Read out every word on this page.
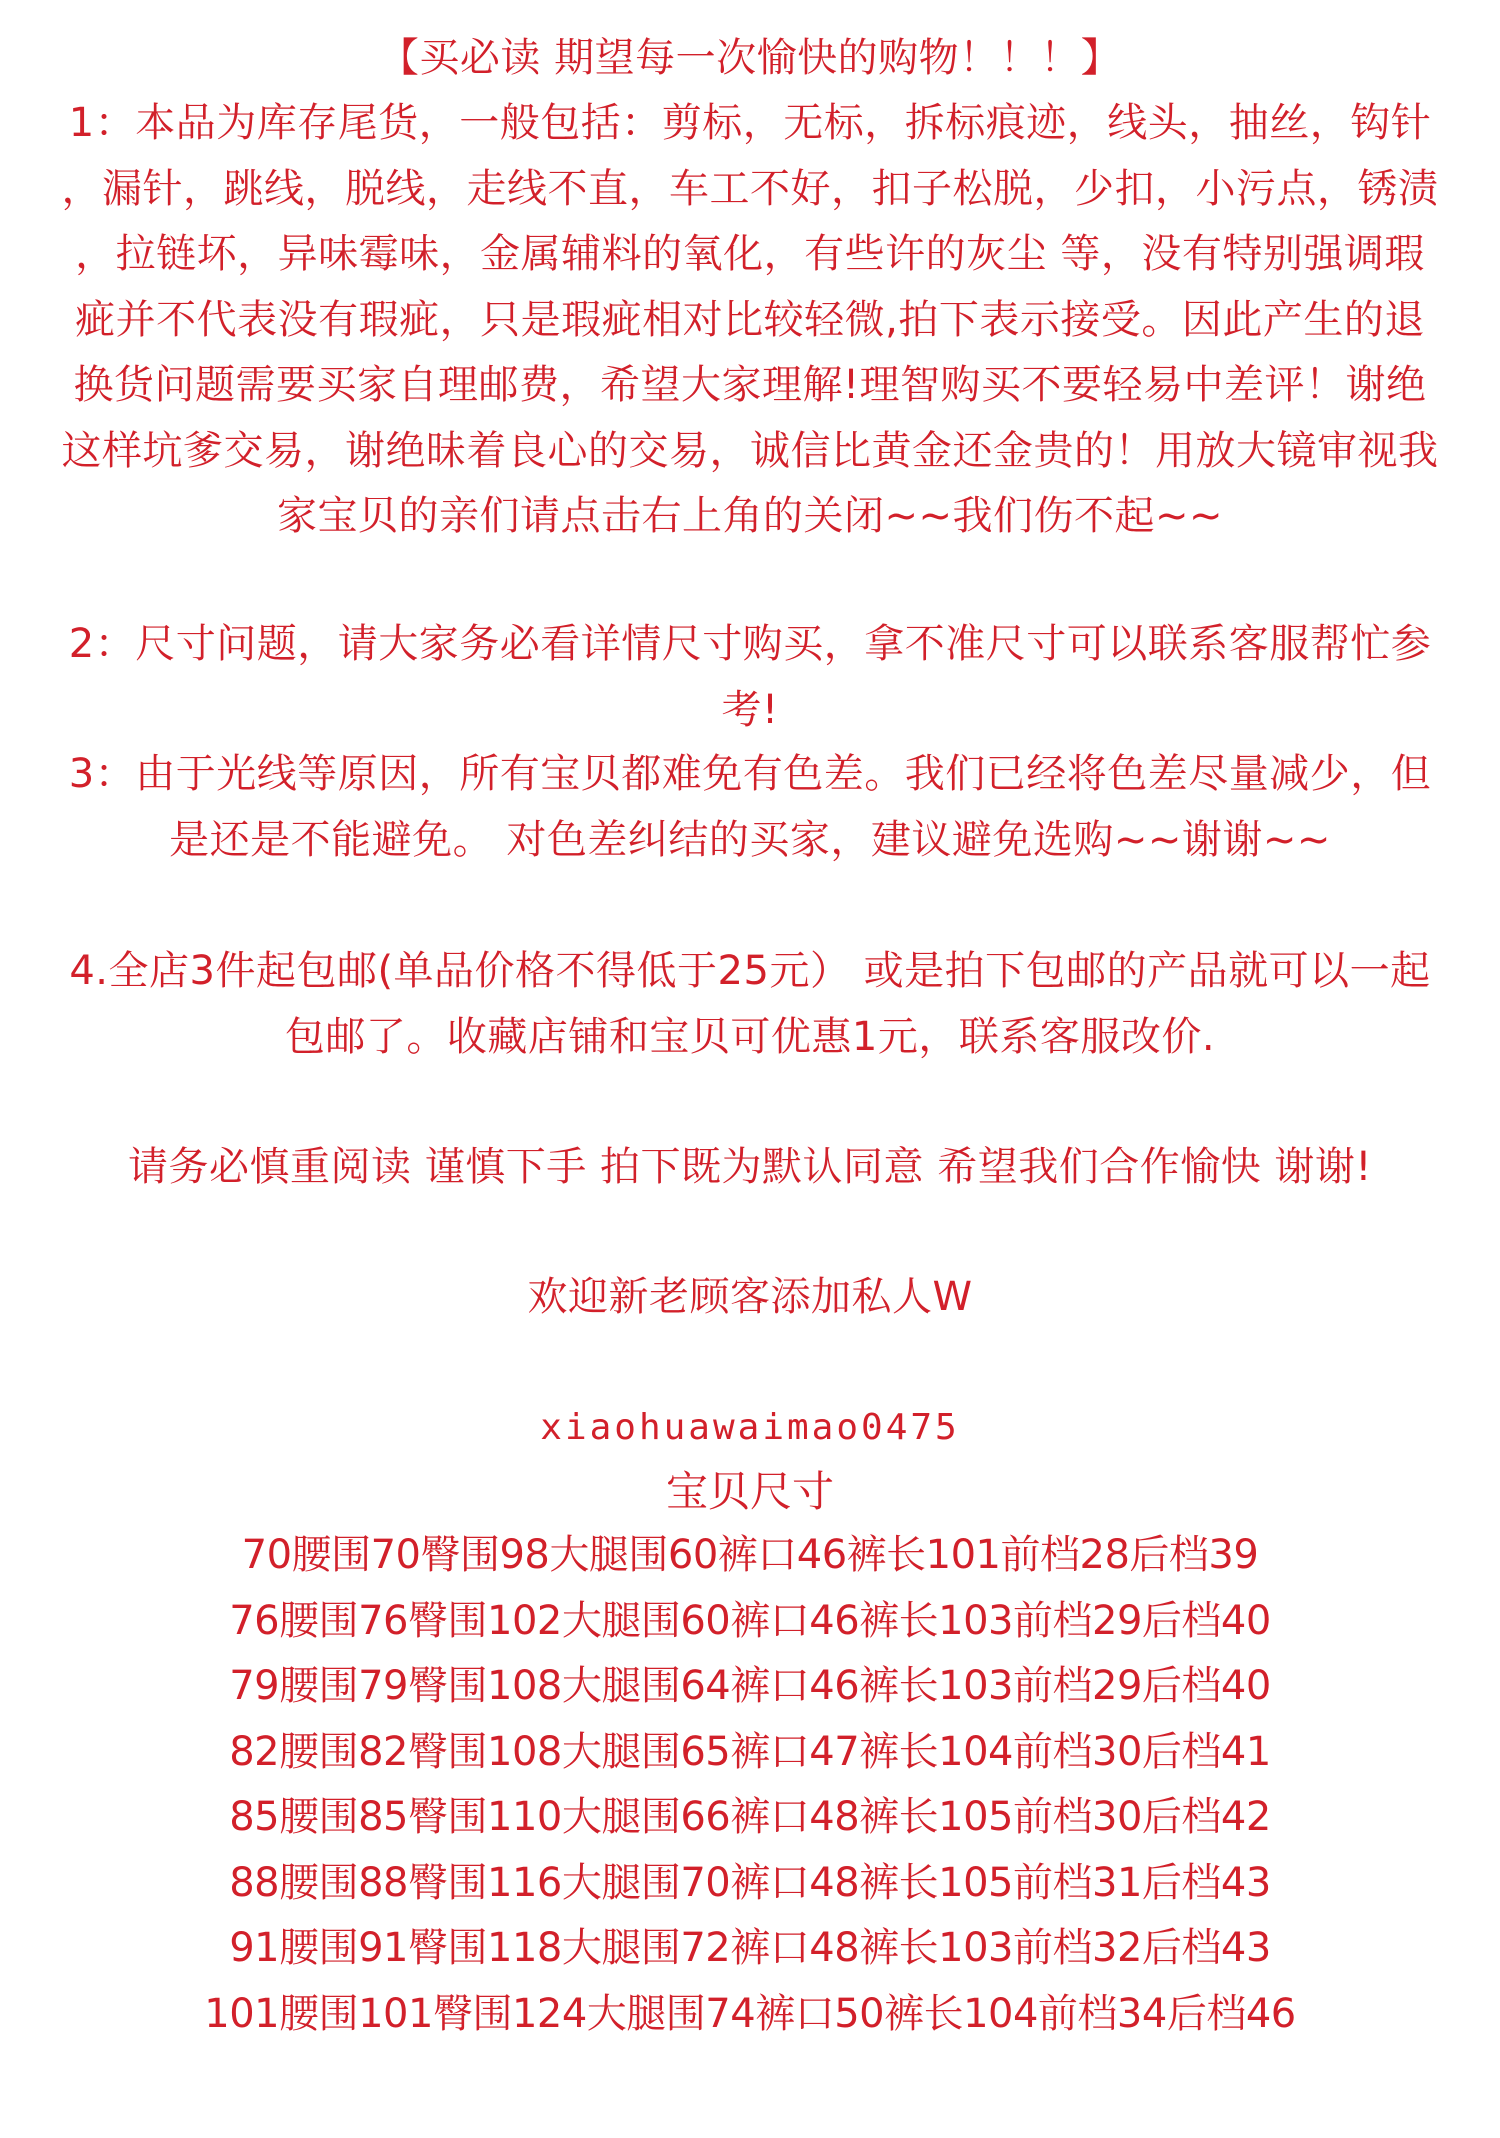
【买必读 期望每一次愉快的购物！！！】
1：本品为库存尾货，一般包括：剪标，无标，拆标痕迹，线头，抽丝，钩针
，漏针，跳线，脱线，走线不直，车工不好，扣子松脱，少扣，小污点，锈渍
，拉链坏，异味霉味，金属辅料的氧化，有些许的灰尘 等，没有特别强调瑕
疵并不代表没有瑕疵，只是瑕疵相对比较轻微,拍下表示接受。因此产生的退
换货问题需要买家自理邮费，希望大家理解!理智购买不要轻易中差评！谢绝
这样坑爹交易，谢绝昧着良心的交易，诚信比黄金还金贵的！用放大镜审视我
家宝贝的亲们请点击右上角的关闭~~我们伤不起~~
2：尺寸问题，请大家务必看详情尺寸购买，拿不准尺寸可以联系客服帮忙参
考!
3：由于光线等原因，所有宝贝都难免有色差。我们已经将色差尽量减少，但
是还是不能避免。 对色差纠结的买家，建议避免选购~~谢谢~~
4.全店3件起包邮(单品价格不得低于25元） 或是拍下包邮的产品就可以一起
包邮了。收藏店铺和宝贝可优惠1元，联系客服改价.
请务必慎重阅读 谨慎下手 拍下既为默认同意 希望我们合作愉快 谢谢!
欢迎新老顾客添加私人W
xiaohuawaimao0475
宝贝尺寸
70腰围70臀围98大腿围60裤口46裤长101前档28后档39
76腰围76臀围102大腿围60裤口46裤长103前档29后档40
79腰围79臀围108大腿围64裤口46裤长103前档29后档40
82腰围82臀围108大腿围65裤口47裤长104前档30后档41
85腰围85臀围110大腿围66裤口48裤长105前档30后档42
88腰围88臀围116大腿围70裤口48裤长105前档31后档43
91腰围91臀围118大腿围72裤口48裤长103前档32后档43
101腰围101臀围124大腿围74裤口50裤长104前档34后档46
